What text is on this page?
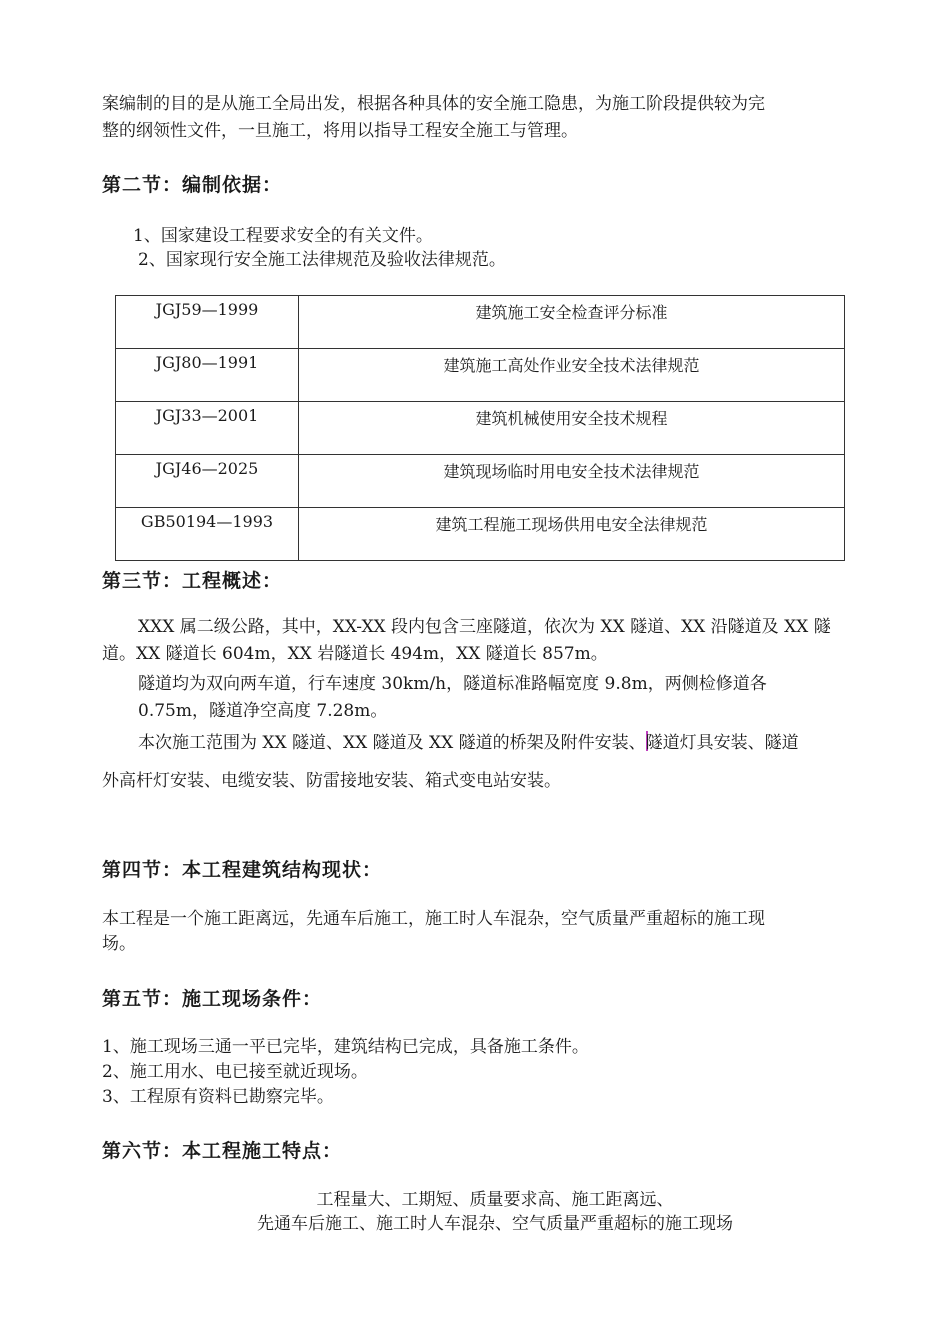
案编制的目的是从施工全局出发，根据各种具体的安全施工隐患，为施工阶段提供较为完

整的纲领性文件，一旦施工，将用以指导工程安全施工与管理。

第二节：编制依据：

1、国家建设工程要求安全的有关文件。

2、国家现行安全施工法律规范及验收法律规范。

JGJ59—1999	建筑施工安全检查评分标准
JGJ80—1991	建筑施工高处作业安全技术法律规范
JGJ33—2001	建筑机械使用安全技术规程
JGJ46—2025	建筑现场临时用电安全技术法律规范
GB50194—1993	建筑工程施工现场供用电安全法律规范
第三节：工程概述：

XXX 属二级公路，其中，XX-XX 段内包含三座隧道，依次为 XX 隧道、XX 沿隧道及 XX 隧

道。XX 隧道长 604m，XX 岩隧道长 494m，XX 隧道长 857m。

隧道均为双向两车道，行车速度 30km/h，隧道标准路幅宽度 9.8m，两侧检修道各

0.75m，隧道净空高度 7.28m。

本次施工范围为 XX 隧道、XX 隧道及 XX 隧道的桥架及附件安装、隧道灯具安装、隧道

外高杆灯安装、电缆安装、防雷接地安装、箱式变电站安装。

第四节：本工程建筑结构现状：

本工程是一个施工距离远，先通车后施工，施工时人车混杂，空气质量严重超标的施工现

场。

第五节：施工现场条件：

1、施工现场三通一平已完毕，建筑结构已完成，具备施工条件。

2、施工用水、电已接至就近现场。

3、工程原有资料已勘察完毕。

第六节：本工程施工特点：

工程量大、工期短、质量要求高、施工距离远、

先通车后施工、施工时人车混杂、空气质量严重超标的施工现场
